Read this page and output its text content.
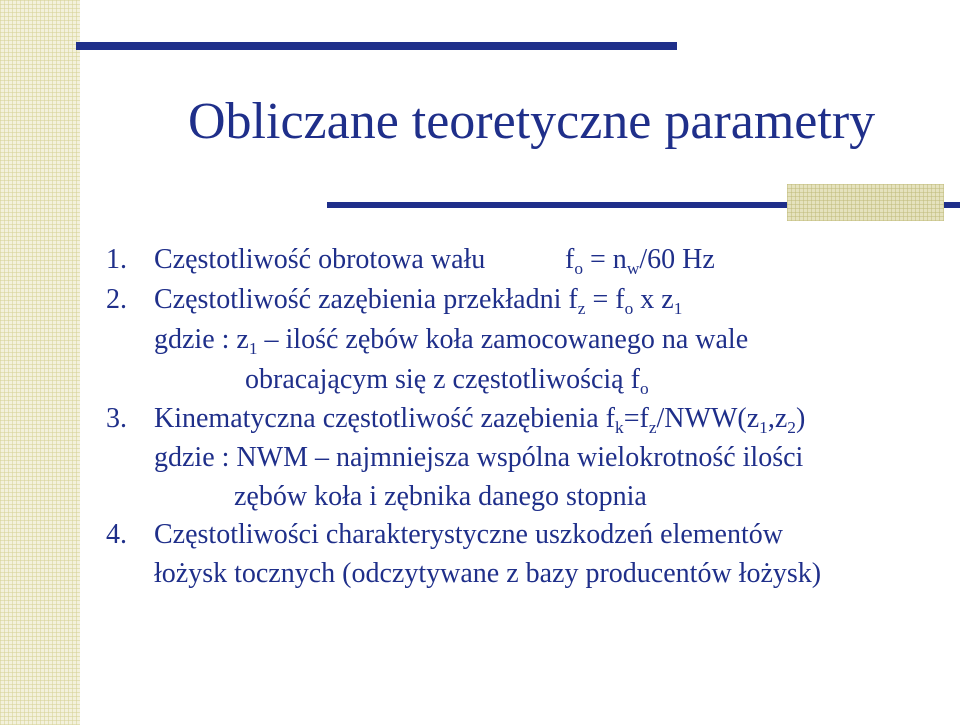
Obliczane teoretyczne parametry
1. Częstotliwość obrotowa wału	$f_o = n_w/60$ Hz
2. Częstotliwość zazębienia przekładni $f_z = f_o$ x $z_1$
gdzie : $z_1$ – ilość zębów koła zamocowanego na wale
obracającym się z częstotliwością $f_o$
3. Kinematyczna częstotliwość zazębienia $f_k=f_z/NWW(z_1,z_2)$
gdzie : NWM – najmniejsza wspólna wielokrotność ilości
zębów koła i zębnika danego stopnia
4. Częstotliwości charakterystyczne uszkodzeń elementów
łożysk tocznych (odczytywane z bazy producentów łożysk)
